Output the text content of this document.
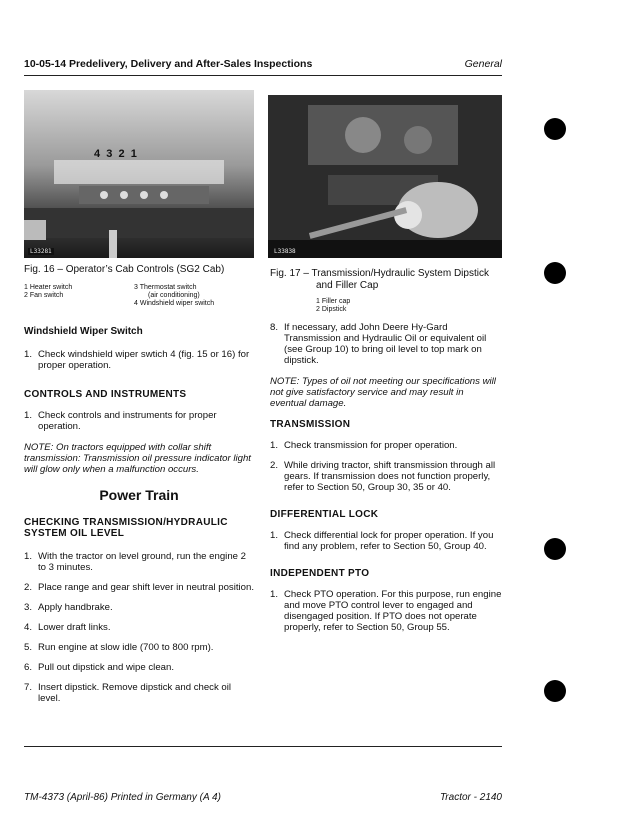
10-05-14 Predelivery, Delivery and After-Sales Inspections	General
4  3  2  1
L33281	L33838
Fig. 16 – Operator’s Cab Controls (SG2 Cab)
1 Heater switch
2 Fan switch
3 Thermostat switch
(air conditioning)
4 Windshield wiper switch
Fig. 17 – Transmission/Hydraulic System Dipstick
and Filler Cap
1 Filler cap
2 Dipstick
Windshield Wiper Switch
1. Check windshield wiper swtich 4 (fig. 15 or 16) for proper operation.
CONTROLS AND INSTRUMENTS
1. Check controls and instruments for proper operation.
NOTE: On tractors equipped with collar shift transmission: Transmission oil pressure indicator light will glow only when a malfunction occurs.
Power Train
CHECKING TRANSMISSION/HYDRAULIC
SYSTEM OIL LEVEL
1. With the tractor on level ground, run the engine 2 to 3 minutes.
2. Place range and gear shift lever in neutral position.
3. Apply handbrake.
4. Lower draft links.
5. Run engine at slow idle (700 to 800 rpm).
6. Pull out dipstick and wipe clean.
7. Insert dipstick. Remove dipstick and check oil level.
8. If necessary, add John Deere Hy-Gard Transmission and Hydraulic Oil or equivalent oil (see Group 10) to bring oil level to top mark on dipstick.
NOTE: Types of oil not meeting our specifications will not give satisfactory service and may result in eventual damage.
TRANSMISSION
1. Check transmission for proper operation.
2. While driving tractor, shift transmission through all gears. If transmission does not function properly, refer to Section 50, Group 30, 35 or 40.
DIFFERENTIAL LOCK
1. Check differential lock for proper operation. If you find any problem, refer to Section 50, Group 40.
INDEPENDENT PTO
1. Check PTO operation. For this purpose, run engine and move PTO control lever to engaged and disengaged position. If PTO does not operate properly, refer to Section 50, Group 55.
TM-4373 (April-86) Printed in Germany (A 4)	Tractor - 2140
